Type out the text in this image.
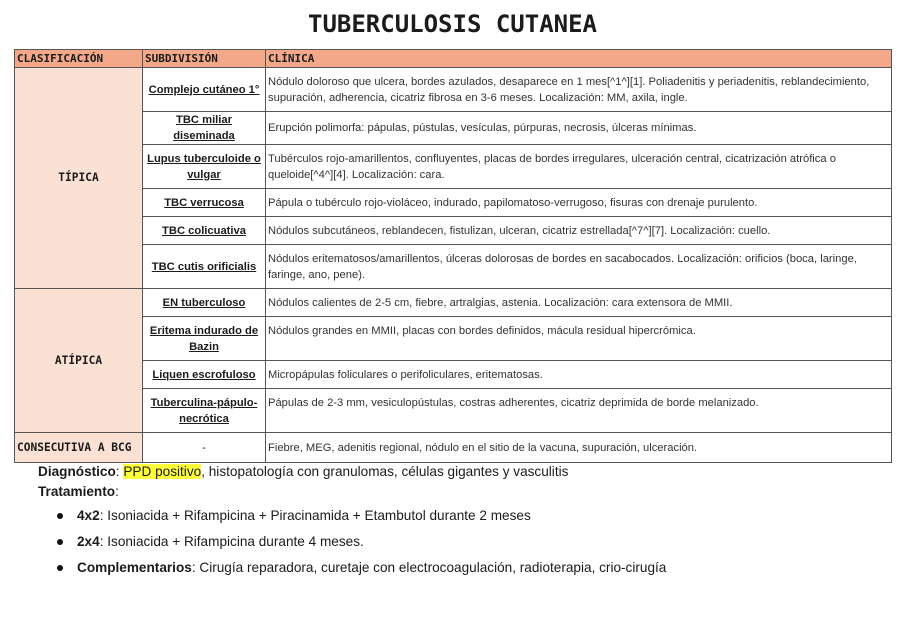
TUBERCULOSIS CUTANEA
CLASIFICACIÓN	SUBDIVISIÓN	CLÍNICA
TÍPICA	Complejo cutáneo 1°	Nódulo doloroso que ulcera, bordes azulados, desaparece en 1 mes[^1^][1]. Poliadenitis y periadenitis, reblandecimiento, supuración, adherencia, cicatriz fibrosa en 3-6 meses. Localización: MM, axila, ingle.
	TBC miliar diseminada	Erupción polimorfa: pápulas, pústulas, vesículas, púrpuras, necrosis, úlceras mínimas.
	Lupus tuberculoide o vulgar	Tubérculos rojo-amarillentos, confluyentes, placas de bordes irregulares, ulceración central, cicatrización atrófica o queloide[^4^][4]. Localización: cara.
	TBC verrucosa	Pápula o tubérculo rojo-violáceo, indurado, papilomatoso-verrugoso, fisuras con drenaje purulento.
	TBC colicuativa	Nódulos subcutáneos, reblandecen, fistulizan, ulceran, cicatriz estrellada[^7^][7]. Localización: cuello.
	TBC cutis orificialis	Nódulos eritematosos/amarillentos, úlceras dolorosas de bordes en sacabocados. Localización: orificios (boca, laringe, faringe, ano, pene).
ATÍPICA	EN tuberculoso	Nódulos calientes de 2-5 cm, fiebre, artralgias, astenia. Localización: cara extensora de MMII.
	Eritema indurado de Bazin	Nódulos grandes en MMII, placas con bordes definidos, mácula residual hipercrómica.
	Liquen escrofuloso	Micropápulas foliculares o perifoliculares, eritematosas.
	Tuberculina-pápulo-necrótica	Pápulas de 2-3 mm, vesiculopústulas, costras adherentes, cicatriz deprimida de borde melanizado.
CONSECUTIVA A BCG	-	Fiebre, MEG, adenitis regional, nódulo en el sitio de la vacuna, supuración, ulceración.

Diagnóstico: PPD positivo, histopatología con granulomas, células gigantes y vasculitis

Tratamiento:

4x2: Isoniacida + Rifampicina + Piracinamida + Etambutol durante 2 meses
2x4: Isoniacida + Rifampicina durante 4 meses.
Complementarios: Cirugía reparadora, curetaje con electrocoagulación, radioterapia, crio-cirugía
